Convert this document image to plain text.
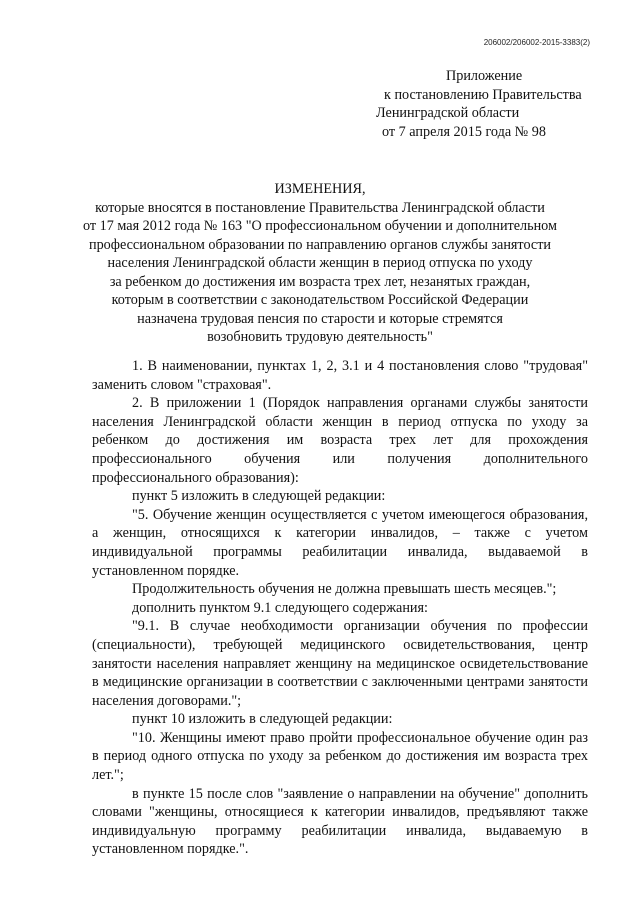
206002/206002-2015-3383(2)
Приложение
к постановлению Правительства
Ленинградской области
от 7 апреля 2015 года № 98
ИЗМЕНЕНИЯ,
которые вносятся в постановление Правительства Ленинградской области
от 17 мая 2012 года № 163 "О профессиональном обучении и дополнительном
профессиональном образовании по направлению органов службы занятости
населения Ленинградской области женщин в период отпуска по уходу
за ребенком до достижения им возраста трех лет, незанятых граждан,
которым в соответствии с законодательством Российской Федерации
назначена трудовая пенсия по старости и которые стремятся
возобновить трудовую деятельность"

1. В наименовании, пунктах 1, 2, 3.1 и 4 постановления слово "трудовая" заменить словом "страховая".

2. В приложении 1 (Порядок направления органами службы занятости населения Ленинградской области женщин в период отпуска по уходу за ребенком до достижения им возраста трех лет для прохождения профессионального обучения или получения дополнительного профессионального образования):

пункт 5 изложить в следующей редакции:

"5. Обучение женщин осуществляется с учетом имеющегося образования, а женщин, относящихся к категории инвалидов, – также с учетом индивидуальной программы реабилитации инвалида, выдаваемой в установленном порядке.

Продолжительность обучения не должна превышать шесть месяцев.";

дополнить пунктом 9.1 следующего содержания:

"9.1. В случае необходимости организации обучения по профессии (специальности), требующей медицинского освидетельствования, центр занятости населения направляет женщину на медицинское освидетельствование в медицинские организации в соответствии с заключенными центрами занятости населения договорами.";

пункт 10 изложить в следующей редакции:

"10. Женщины имеют право пройти профессиональное обучение один раз в период одного отпуска по уходу за ребенком до достижения им возраста трех лет.";

в пункте 15 после слов "заявление о направлении на обучение" дополнить словами "женщины, относящиеся к категории инвалидов, предъявляют также индивидуальную программу реабилитации инвалида, выдаваемую в установленном порядке.".
